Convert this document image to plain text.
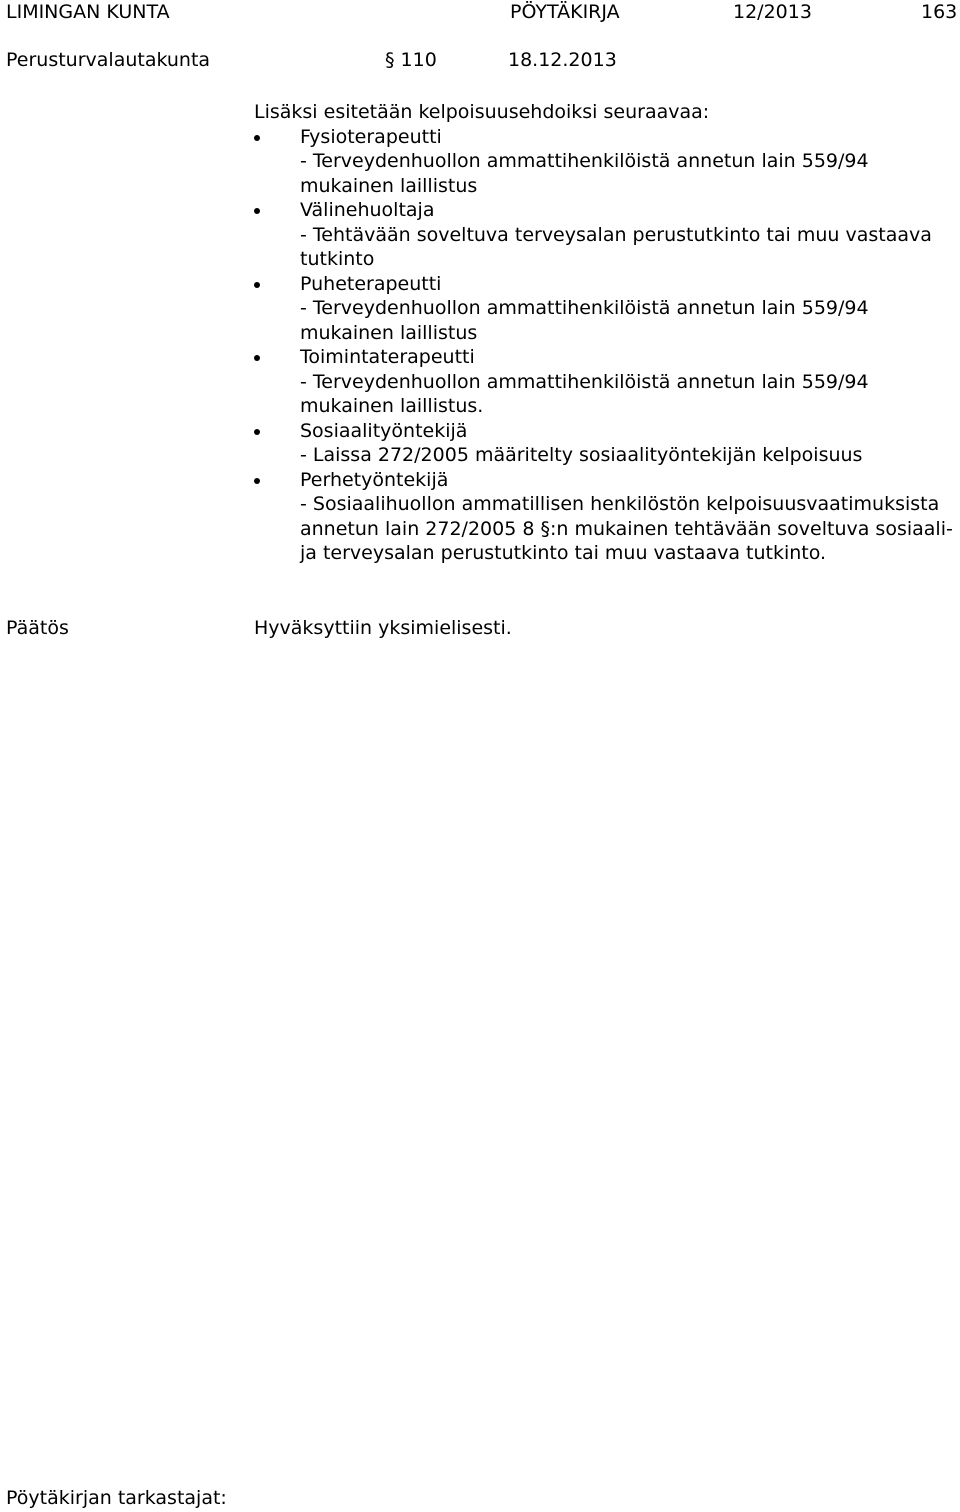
LIMINGAN KUNTA	PÖYTÄKIRJA	12/2013	163
Perusturvalautakunta	§ 110	18.12.2013

Lisäksi esitetään kelpoisuusehdoiksi seuraavaa:

Fysioterapeutti
- Terveydenhuollon ammattihenkilöistä annetun lain 559/94 mukainen laillistus
Välinehuoltaja
- Tehtävään soveltuva terveysalan perustutkinto tai muu vastaava tutkinto
Puheterapeutti
- Terveydenhuollon ammattihenkilöistä annetun lain 559/94 mukainen laillistus
Toimintaterapeutti
- Terveydenhuollon ammattihenkilöistä annetun lain 559/94 mukainen laillistus.
Sosiaalityöntekijä
- Laissa 272/2005 määritelty sosiaalityöntekijän kelpoisuus
Perhetyöntekijä
- Sosiaalihuollon ammatillisen henkilöstön kelpoisuusvaatimuksista annetun lain 272/2005 8 §:n mukainen tehtävään soveltuva sosiaali- ja terveysalan perustutkinto tai muu vastaava tutkinto.
Päätös	Hyväksyttiin yksimielisesti.
Pöytäkirjan tarkastajat:
